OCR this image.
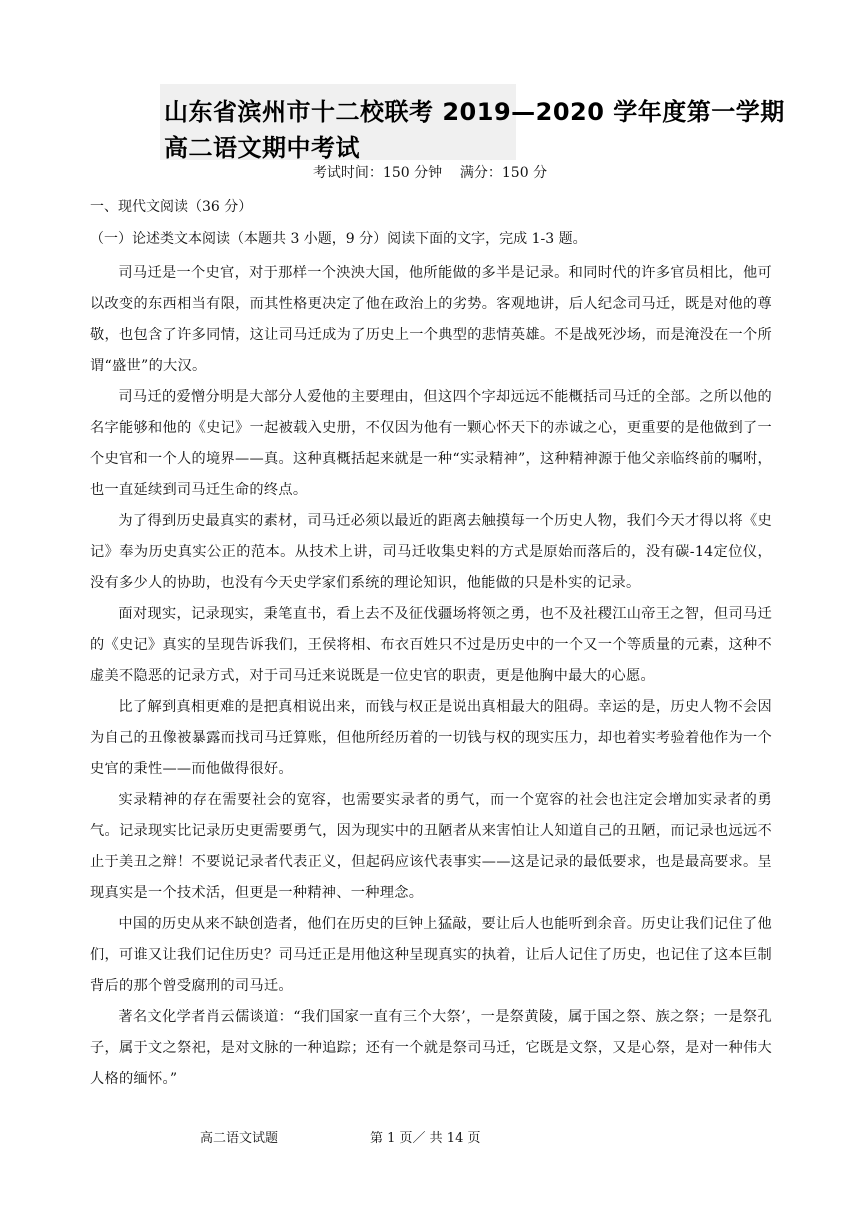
山东省滨州市十二校联考 2019—2020 学年度第一学期
高二语文期中考试
考试时间：150 分钟    满分：150 分
一、现代文阅读（36 分）
（一）论述类文本阅读（本题共 3 小题，9 分）阅读下面的文字，完成 1-3 题。

司马迁是一个史官，对于那样一个泱泱大国，他所能做的多半是记录。和同时代的许多官员相比，他可以改变的东西相当有限，而其性格更决定了他在政治上的劣势。客观地讲，后人纪念司马迁，既是对他的尊敬，也包含了许多同情，这让司马迁成为了历史上一个典型的悲情英雄。不是战死沙场，而是淹没在一个所谓“盛世”的大汉。

司马迁的爱憎分明是大部分人爱他的主要理由，但这四个字却远远不能概括司马迁的全部。之所以他的名字能够和他的《史记》一起被载入史册，不仅因为他有一颗心怀天下的赤诚之心，更重要的是他做到了一个史官和一个人的境界——真。这种真概括起来就是一种“实录精神”，这种精神源于他父亲临终前的嘱咐，也一直延续到司马迁生命的终点。

为了得到历史最真实的素材，司马迁必须以最近的距离去触摸每一个历史人物，我们今天才得以将《史记》奉为历史真实公正的范本。从技术上讲，司马迁收集史料的方式是原始而落后的，没有碳-14定位仪，没有多少人的协助，也没有今天史学家们系统的理论知识，他能做的只是朴实的记录。

面对现实，记录现实，秉笔直书，看上去不及征伐疆场将领之勇，也不及社稷江山帝王之智，但司马迁的《史记》真实的呈现告诉我们，王侯将相、布衣百姓只不过是历史中的一个又一个等质量的元素，这种不虚美不隐恶的记录方式，对于司马迁来说既是一位史官的职责，更是他胸中最大的心愿。

比了解到真相更难的是把真相说出来，而钱与权正是说出真相最大的阻碍。幸运的是，历史人物不会因为自己的丑像被暴露而找司马迁算账，但他所经历着的一切钱与权的现实压力，却也着实考验着他作为一个史官的秉性——而他做得很好。

实录精神的存在需要社会的宽容，也需要实录者的勇气，而一个宽容的社会也注定会增加实录者的勇气。记录现实比记录历史更需要勇气，因为现实中的丑陋者从来害怕让人知道自己的丑陋，而记录也远远不止于美丑之辩！不要说记录者代表正义，但起码应该代表事实——这是记录的最低要求，也是最高要求。呈现真实是一个技术活，但更是一种精神、一种理念。

中国的历史从来不缺创造者，他们在历史的巨钟上猛敲，要让后人也能听到余音。历史让我们记住了他们，可谁又让我们记住历史？司马迁正是用他这种呈现真实的执着，让后人记住了历史，也记住了这本巨制背后的那个曾受腐刑的司马迁。

著名文化学者肖云儒谈道：“我们国家一直有三个大祭’，一是祭黄陵，属于国之祭、族之祭；一是祭孔子，属于文之祭祀，是对文脉的一种追踪；还有一个就是祭司马迁，它既是文祭，又是心祭，是对一种伟大人格的缅怀。”

高二语文试题	第 1 页／ 共 14 页
